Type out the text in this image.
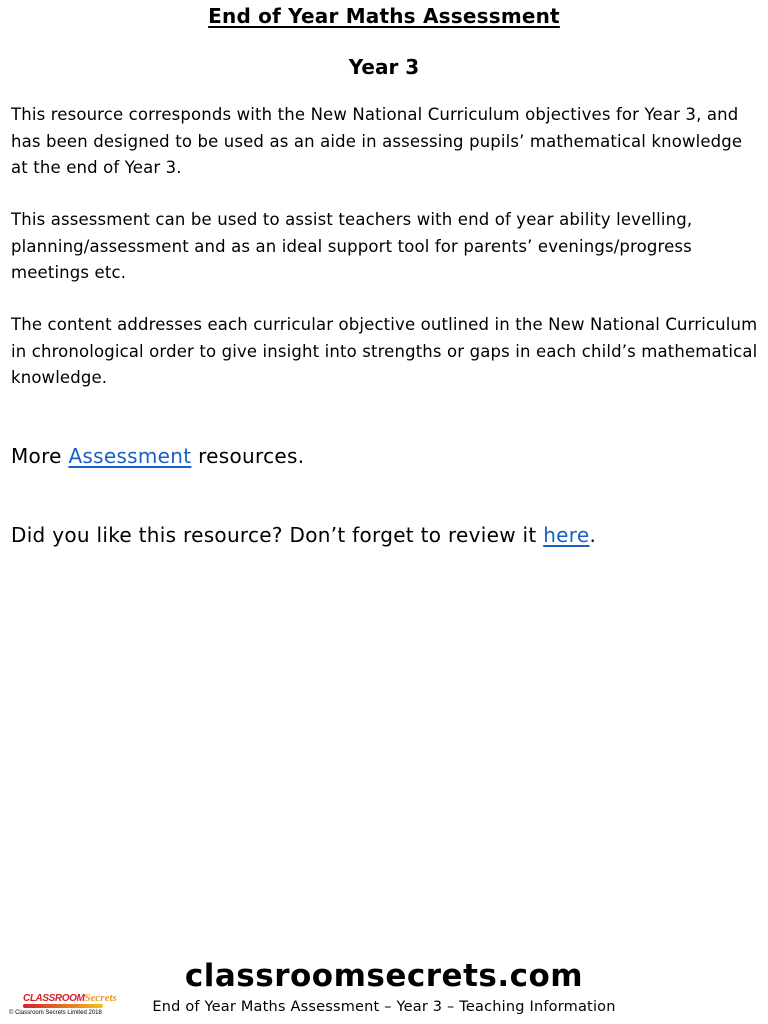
End of Year Maths Assessment
Year 3

This resource corresponds with the New National Curriculum objectives for Year 3, and has been designed to be used as an aide in assessing pupils’ mathematical knowledge at the end of Year 3.

This assessment can be used to assist teachers with end of year ability levelling, planning/assessment and as an ideal support tool for parents’ evenings/progress meetings etc.

The content addresses each curricular objective outlined in the New National Curriculum in chronological order to give insight into strengths or gaps in each child’s mathematical knowledge.

More Assessment resources.

Did you like this resource? Don’t forget to review it here.

classroomsecrets.com
End of Year Maths Assessment – Year 3 – Teaching Information
CLASSROOMSecrets
© Classroom Secrets Limited 2018
